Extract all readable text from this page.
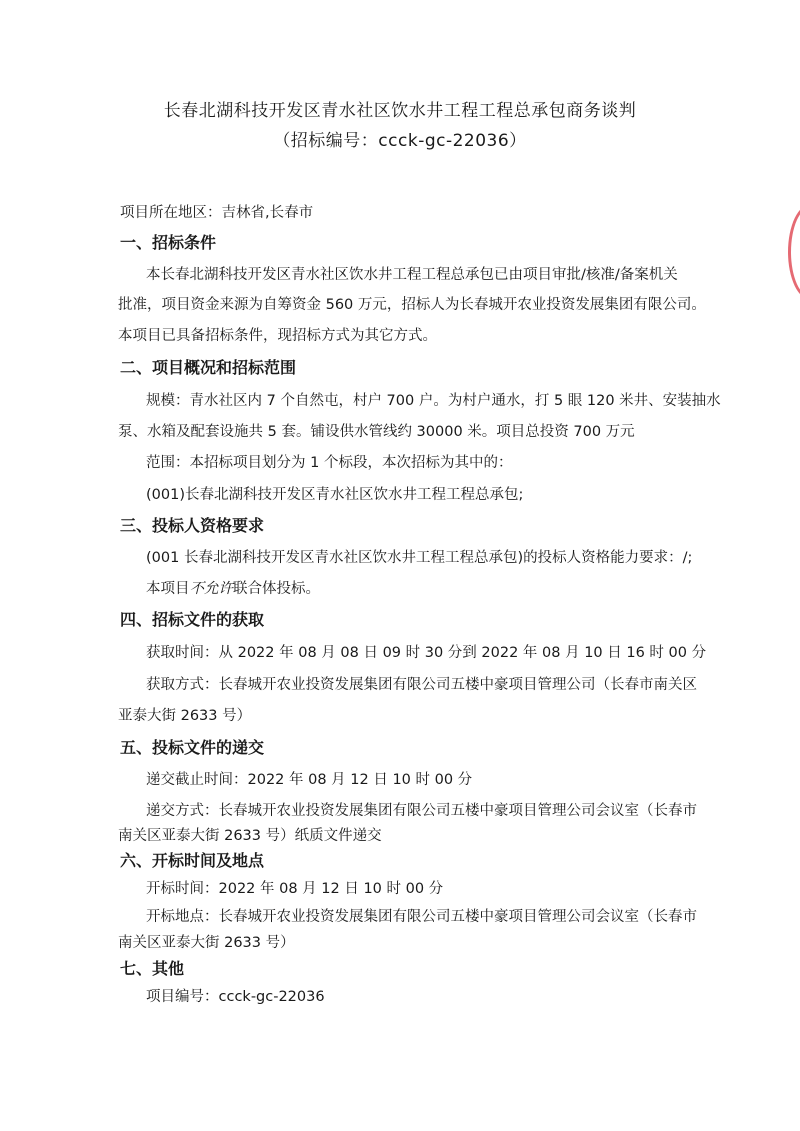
长春北湖科技开发区青水社区饮水井工程工程总承包商务谈判
（招标编号：ccck-gc-22036）
项目所在地区：吉林省,长春市
一、招标条件
本长春北湖科技开发区青水社区饮水井工程工程总承包已由项目审批/核准/备案机关
批准，项目资金来源为自筹资金 560 万元，招标人为长春城开农业投资发展集团有限公司。
本项目已具备招标条件，现招标方式为其它方式。
二、项目概况和招标范围
规模：青水社区内 7 个自然屯，村户 700 户。为村户通水，打 5 眼 120 米井、安装抽水
泵、水箱及配套设施共 5 套。铺设供水管线约 30000 米。项目总投资 700 万元
范围：本招标项目划分为 1 个标段，本次招标为其中的：
(001)长春北湖科技开发区青水社区饮水井工程工程总承包;
三、投标人资格要求
(001 长春北湖科技开发区青水社区饮水井工程工程总承包)的投标人资格能力要求：/;
本项目不允许联合体投标。
四、招标文件的获取
获取时间：从 2022 年 08 月 08 日 09 时 30 分到 2022 年 08 月 10 日 16 时 00 分
获取方式：长春城开农业投资发展集团有限公司五楼中豪项目管理公司（长春市南关区
亚泰大街 2633 号）
五、投标文件的递交
递交截止时间：2022 年 08 月 12 日 10 时 00 分
递交方式：长春城开农业投资发展集团有限公司五楼中豪项目管理公司会议室（长春市
南关区亚泰大街 2633 号）纸质文件递交
六、开标时间及地点
开标时间：2022 年 08 月 12 日 10 时 00 分
开标地点：长春城开农业投资发展集团有限公司五楼中豪项目管理公司会议室（长春市
南关区亚泰大街 2633 号）
七、其他
项目编号：ccck-gc-22036
